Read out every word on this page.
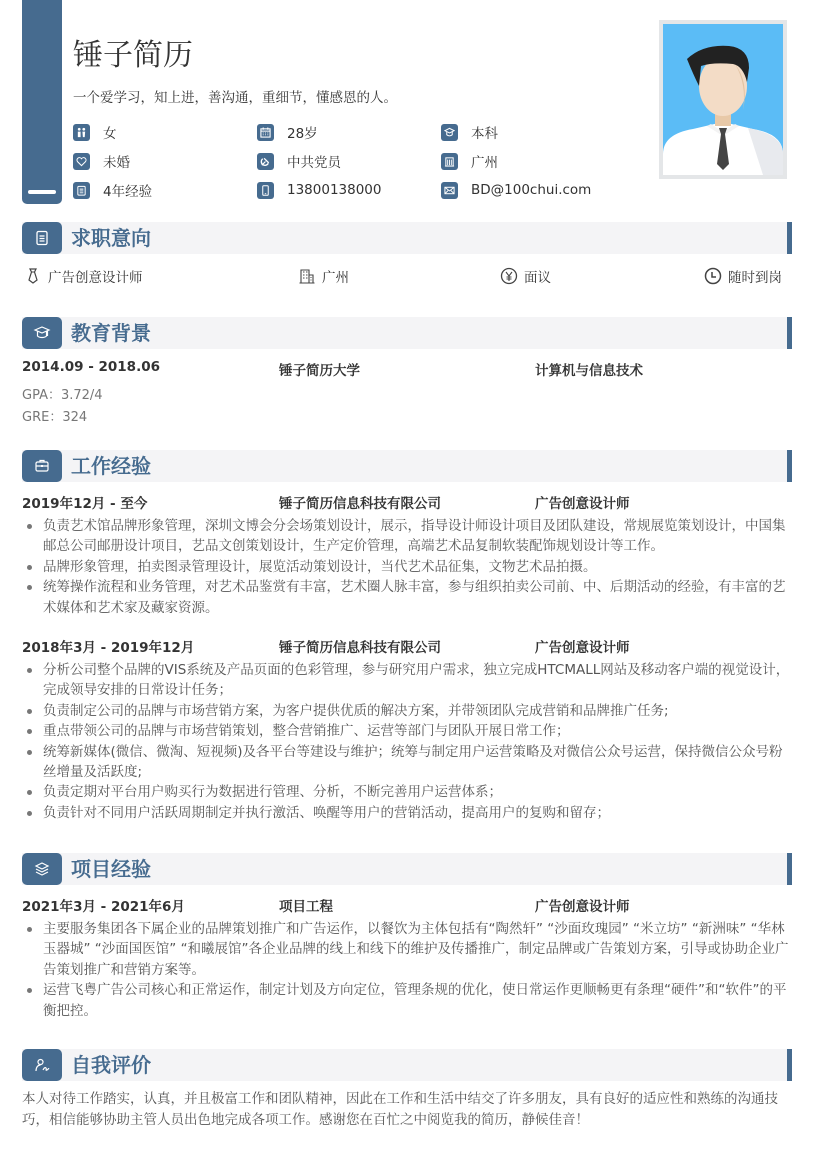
锤子简历
一个爱学习，知上进，善沟通，重细节，懂感恩的人。
女	28岁	本科
未婚	中共党员	广州
4年经验	13800138000	BD@100chui.com
求职意向
广告创意设计师	广州	面议	随时到岗
教育背景
2014.09 - 2018.06	锤子简历大学	计算机与信息技术
GPA：3.72/4
GRE：324
工作经验
2019年12月 - 至今	锤子简历信息科技有限公司	广告创意设计师
负责艺术馆品牌形象管理，深圳文博会分会场策划设计，展示，指导设计师设计项目及团队建设，常规展览策划设计，中国集邮总公司邮册设计项目，艺品文创策划设计，生产定价管理，高端艺术品复制软装配饰规划设计等工作。
品牌形象管理，拍卖图录管理设计，展览活动策划设计，当代艺术品征集，文物艺术品拍摄。
统筹操作流程和业务管理，对艺术品鉴赏有丰富，艺术圈人脉丰富，参与组织拍卖公司前、中、后期活动的经验，有丰富的艺术媒体和艺术家及藏家资源。
2018年3月 - 2019年12月	锤子简历信息科技有限公司	广告创意设计师
分析公司整个品牌的VIS系统及产品页面的色彩管理，参与研究用户需求，独立完成HTCMALL网站及移动客户端的视觉设计，完成领导安排的日常设计任务；
负责制定公司的品牌与市场营销方案，为客户提供优质的解决方案，并带领团队完成营销和品牌推广任务;
重点带领公司的品牌与市场营销策划，整合营销推广、运营等部门与团队开展日常工作；
统筹新媒体(微信、微淘、短视频)及各平台等建设与维护；统筹与制定用户运营策略及对微信公众号运营，保持微信公众号粉丝增量及活跃度;
负责定期对平台用户购买行为数据进行管理、分析，不断完善用户运营体系；
负责针对不同用户活跃周期制定并执行激活、唤醒等用户的营销活动，提高用户的复购和留存；
项目经验
2021年3月 - 2021年6月	项目工程	广告创意设计师
主要服务集团各下属企业的品牌策划推广和广告运作，以餐饮为主体包括有“陶然轩” “沙面玫瑰园” “米立坊” “新洲味” “华林玉器城” “沙面国医馆” “和曦展馆”各企业品牌的线上和线下的维护及传播推广，制定品牌或广告策划方案，引导或协助企业广告策划推广和营销方案等。
运营飞粤广告公司核心和正常运作，制定计划及方向定位，管理条规的优化，使日常运作更顺畅更有条理“硬件”和“软件”的平衡把控。
自我评价

本人对待工作踏实，认真，并且极富工作和团队精神，因此在工作和生活中结交了许多朋友，具有良好的适应性和熟练的沟通技巧，相信能够协助主管人员出色地完成各项工作。感谢您在百忙之中阅览我的简历，静候佳音！
